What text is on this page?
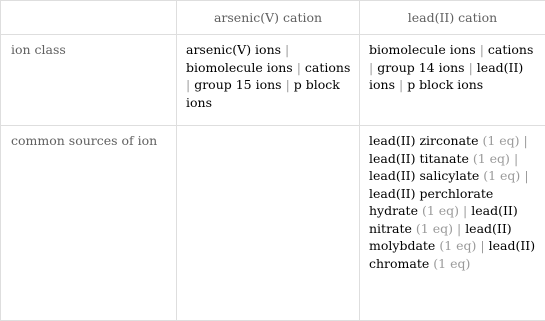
	arsenic(V) cation	lead(II) cation
ion class	arsenic(V) ions | biomolecule ions | cations | group 15 ions | p block ions	biomolecule ions | cations | group 14 ions | lead(II) ions | p block ions
common sources of ion		lead(II) zirconate (1 eq) | lead(II) titanate (1 eq) | lead(II) salicylate (1 eq) | lead(II) perchlorate hydrate (1 eq) | lead(II) nitrate (1 eq) | lead(II) molybdate (1 eq) | lead(II) chromate (1 eq)
